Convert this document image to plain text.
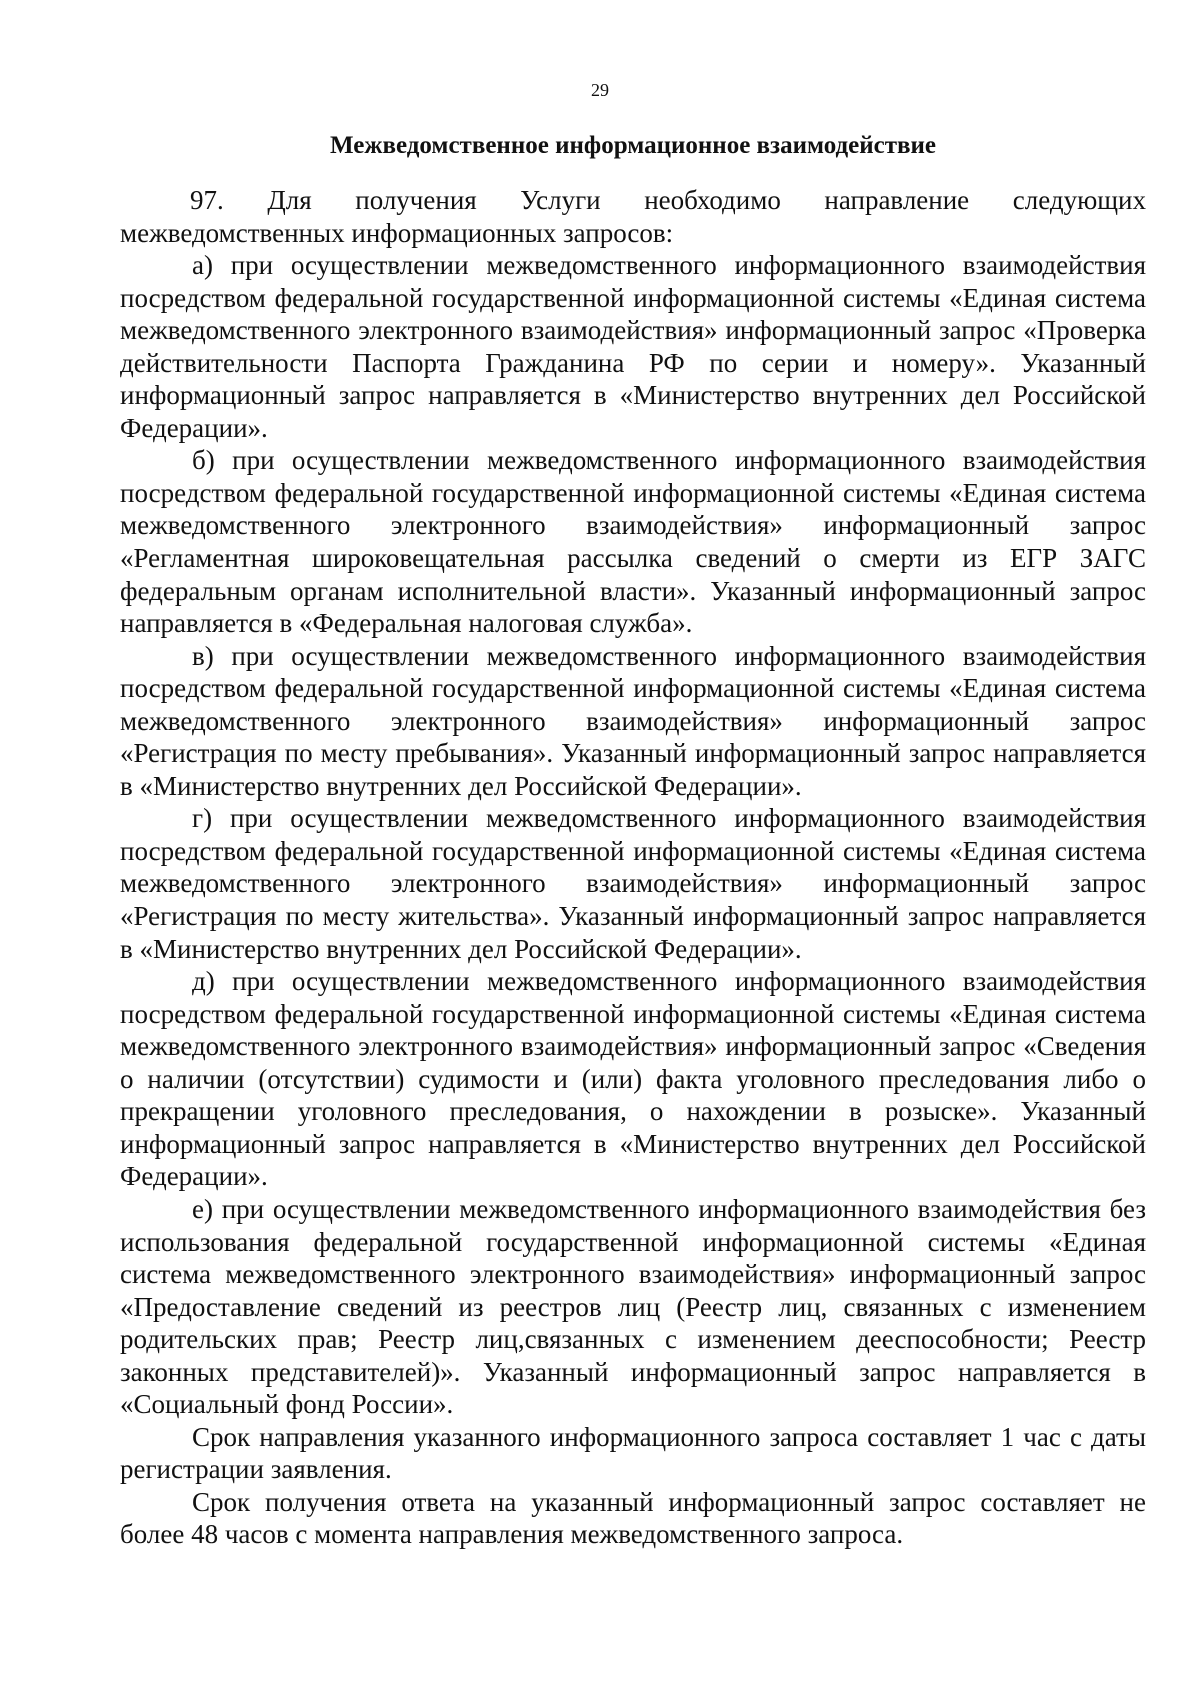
29
Межведомственное информационное взаимодействие

97. Для получения Услуги необходимо направление следующих межведомственных информационных запросов:

а) при осуществлении межведомственного информационного взаимодействия посредством федеральной государственной информационной системы «Единая система межведомственного электронного взаимодействия» информационный запрос «Проверка действительности Паспорта Гражданина РФ по серии и номеру». Указанный информационный запрос направляется в «Министерство внутренних дел Российской Федерации».

б) при осуществлении межведомственного информационного взаимодействия посредством федеральной государственной информационной системы «Единая система межведомственного электронного взаимодействия» информационный запрос «Регламентная широковещательная рассылка сведений о смерти из ЕГР ЗАГС федеральным органам исполнительной власти». Указанный информационный запрос направляется в «Федеральная налоговая служба».

в) при осуществлении межведомственного информационного взаимодействия посредством федеральной государственной информационной системы «Единая система межведомственного электронного взаимодействия» информационный запрос «Регистрация по месту пребывания». Указанный информационный запрос направляется в «Министерство внутренних дел Российской Федерации».

г) при осуществлении межведомственного информационного взаимодействия посредством федеральной государственной информационной системы «Единая система межведомственного электронного взаимодействия» информационный запрос «Регистрация по месту жительства». Указанный информационный запрос направляется в «Министерство внутренних дел Российской Федерации».

д) при осуществлении межведомственного информационного взаимодействия посредством федеральной государственной информационной системы «Единая система межведомственного электронного взаимодействия» информационный запрос «Сведения о наличии (отсутствии) судимости и (или) факта уголовного преследования либо о прекращении уголовного преследования, о нахождении в розыске». Указанный информационный запрос направляется в «Министерство внутренних дел Российской Федерации».

е) при осуществлении межведомственного информационного взаимодействия без использования федеральной государственной информационной системы «Единая система межведомственного электронного взаимодействия» информационный запрос «Предоставление сведений из реестров лиц (Реестр лиц, связанных с изменением родительских прав; Реестр лиц,связанных с изменением дееспособности; Реестр законных представителей)». Указанный информационный запрос направляется в «Социальный фонд России».

Срок направления указанного информационного запроса составляет 1 час с даты регистрации заявления.

Срок получения ответа на указанный информационный запрос составляет не более 48 часов с момента направления межведомственного запроса.
